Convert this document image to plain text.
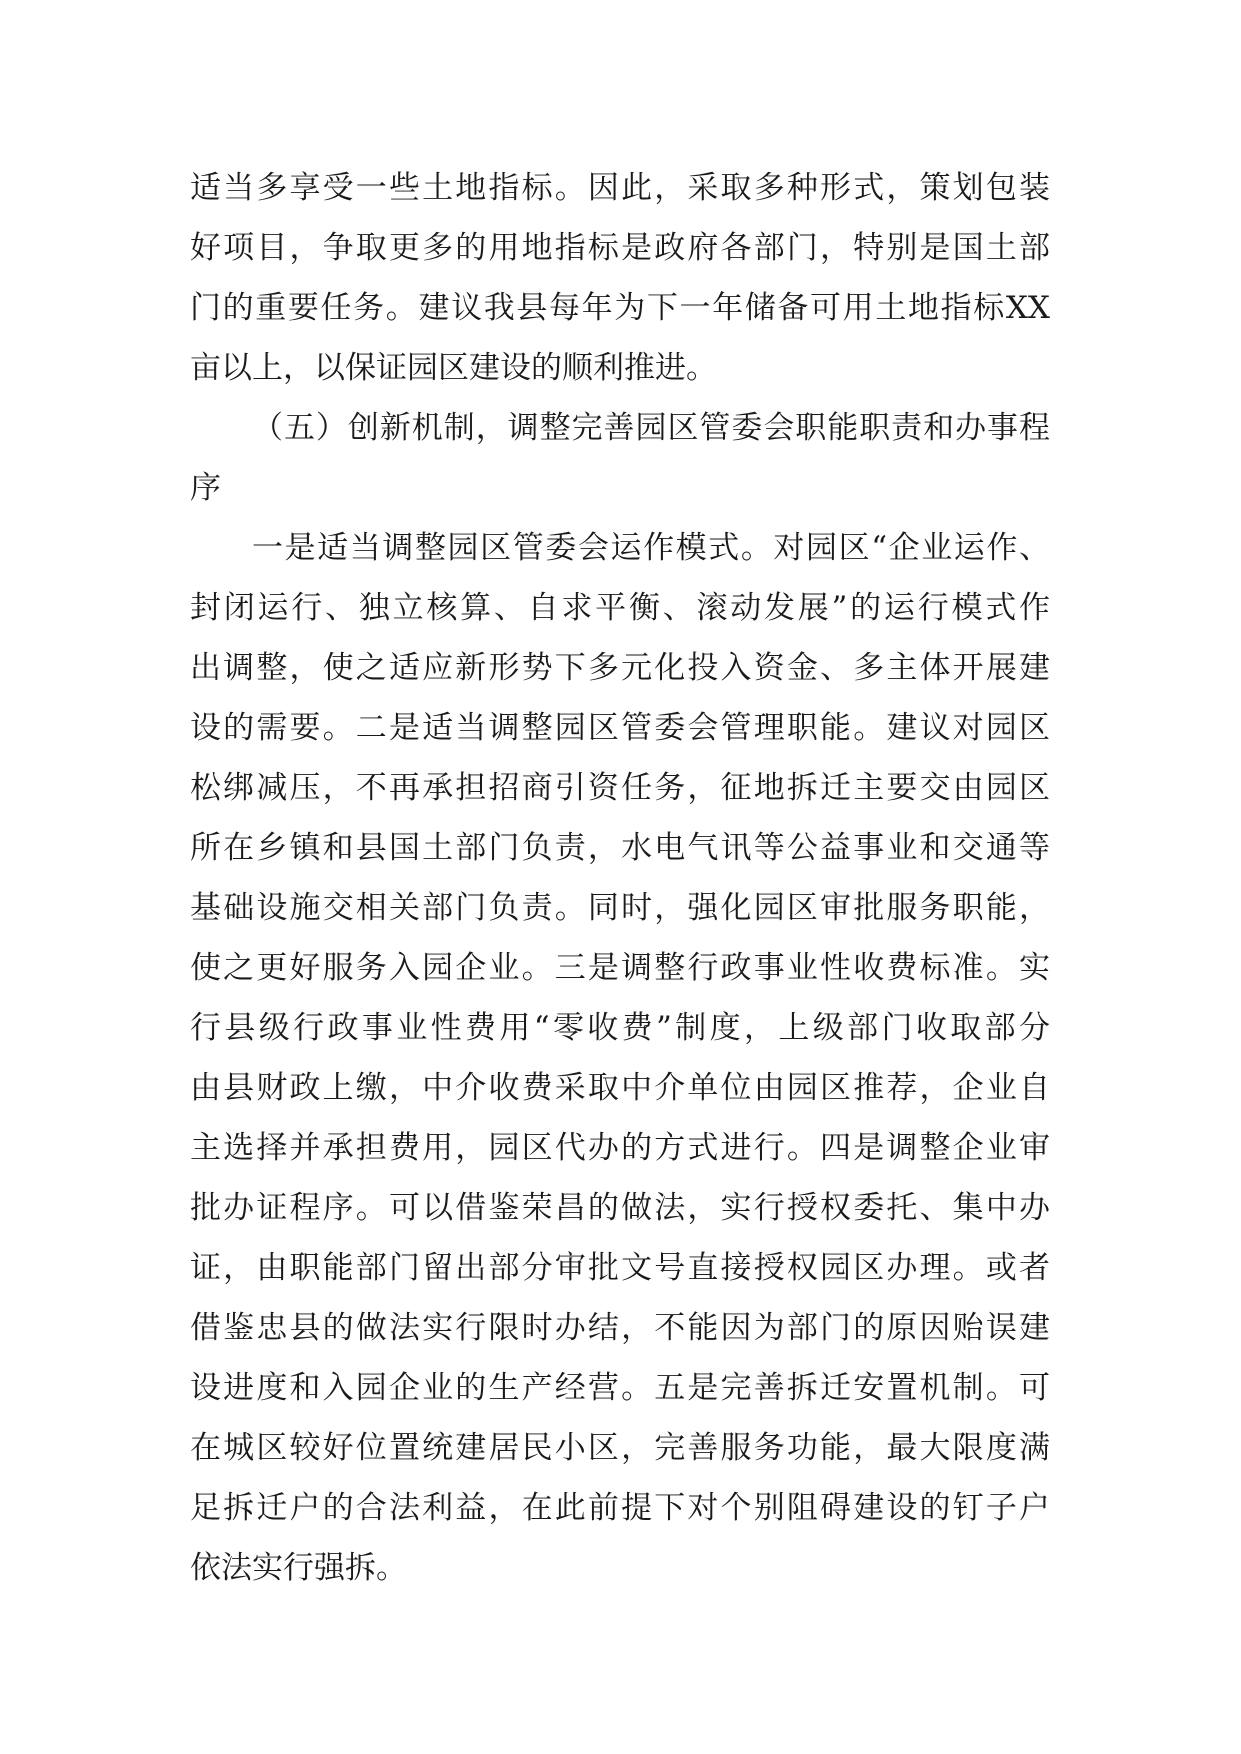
适当多享受一些土地指标。因此，采取多种形式，策划包装
好项目，争取更多的用地指标是政府各部门，特别是国土部
门的重要任务。建议我县每年为下一年储备可用土地指标XX
亩以上，以保证园区建设的顺利推进。
（五）创新机制，调整完善园区管委会职能职责和办事程
序
一是适当调整园区管委会运作模式。对园区“企业运作、
封闭运行、独立核算、自求平衡、滚动发展”的运行模式作
出调整，使之适应新形势下多元化投入资金、多主体开展建
设的需要。二是适当调整园区管委会管理职能。建议对园区
松绑减压，不再承担招商引资任务，征地拆迁主要交由园区
所在乡镇和县国土部门负责，水电气讯等公益事业和交通等
基础设施交相关部门负责。同时，强化园区审批服务职能，
使之更好服务入园企业。三是调整行政事业性收费标准。实
行县级行政事业性费用“零收费”制度，上级部门收取部分
由县财政上缴，中介收费采取中介单位由园区推荐，企业自
主选择并承担费用，园区代办的方式进行。四是调整企业审
批办证程序。可以借鉴荣昌的做法，实行授权委托、集中办
证，由职能部门留出部分审批文号直接授权园区办理。或者
借鉴忠县的做法实行限时办结，不能因为部门的原因贻误建
设进度和入园企业的生产经营。五是完善拆迁安置机制。可
在城区较好位置统建居民小区，完善服务功能，最大限度满
足拆迁户的合法利益，在此前提下对个别阻碍建设的钉子户
依法实行强拆。
